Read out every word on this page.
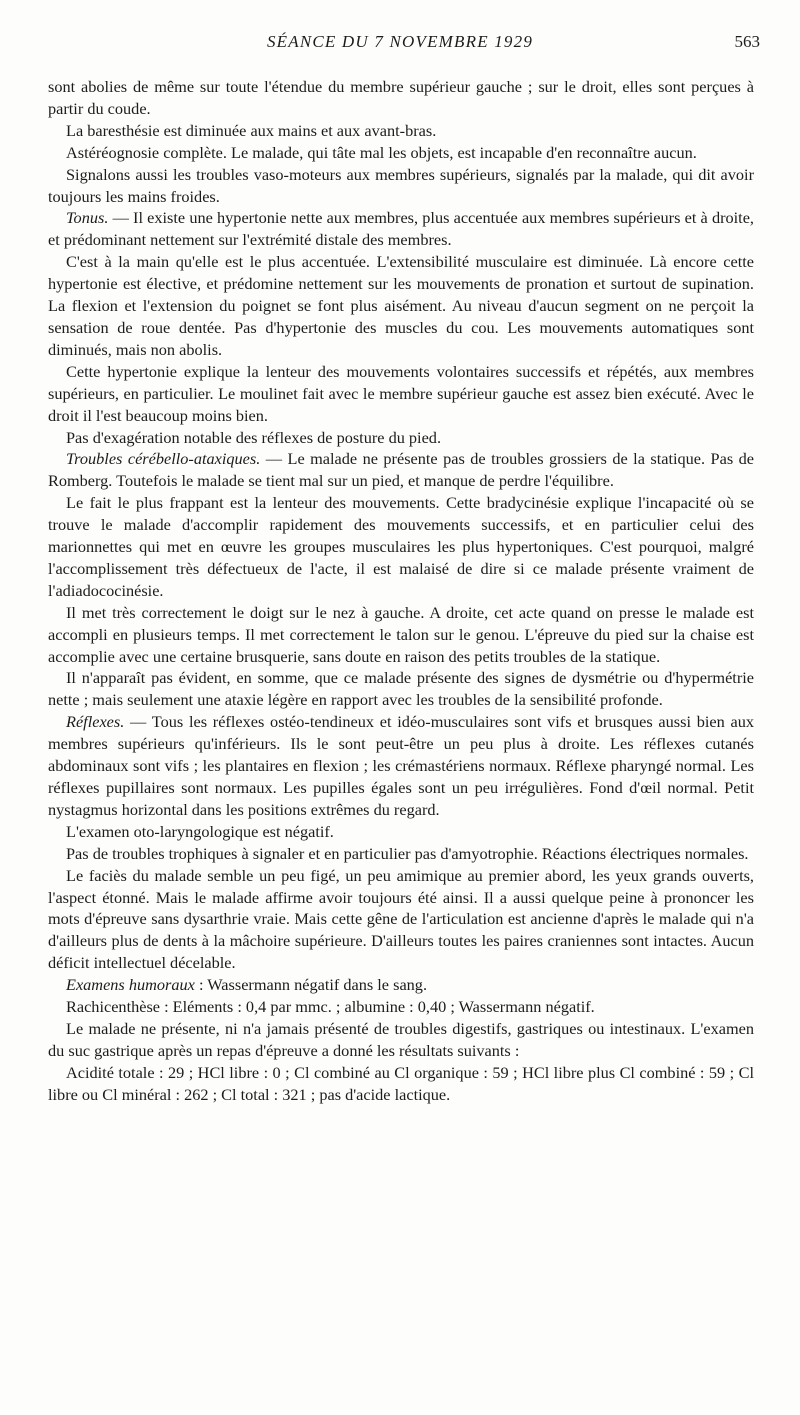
SÉANCE DU 7 NOVEMBRE 1929	563

sont abolies de même sur toute l'étendue du membre supérieur gauche ; sur le droit, elles sont perçues à partir du coude.

La baresthésie est diminuée aux mains et aux avant-bras.

Astéréognosie complète. Le malade, qui tâte mal les objets, est incapable d'en reconnaître aucun.

Signalons aussi les troubles vaso-moteurs aux membres supérieurs, signalés par la malade, qui dit avoir toujours les mains froides.

Tonus. — Il existe une hypertonie nette aux membres, plus accentuée aux membres supérieurs et à droite, et prédominant nettement sur l'extrémité distale des membres.

C'est à la main qu'elle est le plus accentuée. L'extensibilité musculaire est diminuée. Là encore cette hypertonie est élective, et prédomine nettement sur les mouvements de pronation et surtout de supination. La flexion et l'extension du poignet se font plus aisément. Au niveau d'aucun segment on ne perçoit la sensation de roue dentée. Pas d'hypertonie des muscles du cou. Les mouvements automatiques sont diminués, mais non abolis.

Cette hypertonie explique la lenteur des mouvements volontaires successifs et répétés, aux membres supérieurs, en particulier. Le moulinet fait avec le membre supérieur gauche est assez bien exécuté. Avec le droit il l'est beaucoup moins bien.

Pas d'exagération notable des réflexes de posture du pied.

Troubles cérébello-ataxiques. — Le malade ne présente pas de troubles grossiers de la statique. Pas de Romberg. Toutefois le malade se tient mal sur un pied, et manque de perdre l'équilibre.

Le fait le plus frappant est la lenteur des mouvements. Cette bradycinésie explique l'incapacité où se trouve le malade d'accomplir rapidement des mouvements successifs, et en particulier celui des marionnettes qui met en œuvre les groupes musculaires les plus hypertoniques. C'est pourquoi, malgré l'accomplissement très défectueux de l'acte, il est malaisé de dire si ce malade présente vraiment de l'adiadococinésie.

Il met très correctement le doigt sur le nez à gauche. A droite, cet acte quand on presse le malade est accompli en plusieurs temps. Il met correctement le talon sur le genou. L'épreuve du pied sur la chaise est accomplie avec une certaine brusquerie, sans doute en raison des petits troubles de la statique.

Il n'apparaît pas évident, en somme, que ce malade présente des signes de dysmétrie ou d'hypermétrie nette ; mais seulement une ataxie légère en rapport avec les troubles de la sensibilité profonde.

Réflexes. — Tous les réflexes ostéo-tendineux et idéo-musculaires sont vifs et brusques aussi bien aux membres supérieurs qu'inférieurs. Ils le sont peut-être un peu plus à droite. Les réflexes cutanés abdominaux sont vifs ; les plantaires en flexion ; les crémastériens normaux. Réflexe pharyngé normal. Les réflexes pupillaires sont normaux. Les pupilles égales sont un peu irrégulières. Fond d'œil normal. Petit nystagmus horizontal dans les positions extrêmes du regard.

L'examen oto-laryngologique est négatif.

Pas de troubles trophiques à signaler et en particulier pas d'amyotrophie. Réactions électriques normales.

Le faciès du malade semble un peu figé, un peu amimique au premier abord, les yeux grands ouverts, l'aspect étonné. Mais le malade affirme avoir toujours été ainsi. Il a aussi quelque peine à prononcer les mots d'épreuve sans dysarthrie vraie. Mais cette gêne de l'articulation est ancienne d'après le malade qui n'a d'ailleurs plus de dents à la mâchoire supérieure. D'ailleurs toutes les paires craniennes sont intactes. Aucun déficit intellectuel décelable.

Examens humoraux : Wassermann négatif dans le sang.

Rachicenthèse : Eléments : 0,4 par mmc. ; albumine : 0,40 ; Wassermann négatif.

Le malade ne présente, ni n'a jamais présenté de troubles digestifs, gastriques ou intestinaux. L'examen du suc gastrique après un repas d'épreuve a donné les résultats suivants :

Acidité totale : 29 ; HCl libre : 0 ; Cl combiné au Cl organique : 59 ; HCl libre plus Cl combiné : 59 ; Cl libre ou Cl minéral : 262 ; Cl total : 321 ; pas d'acide lactique.
